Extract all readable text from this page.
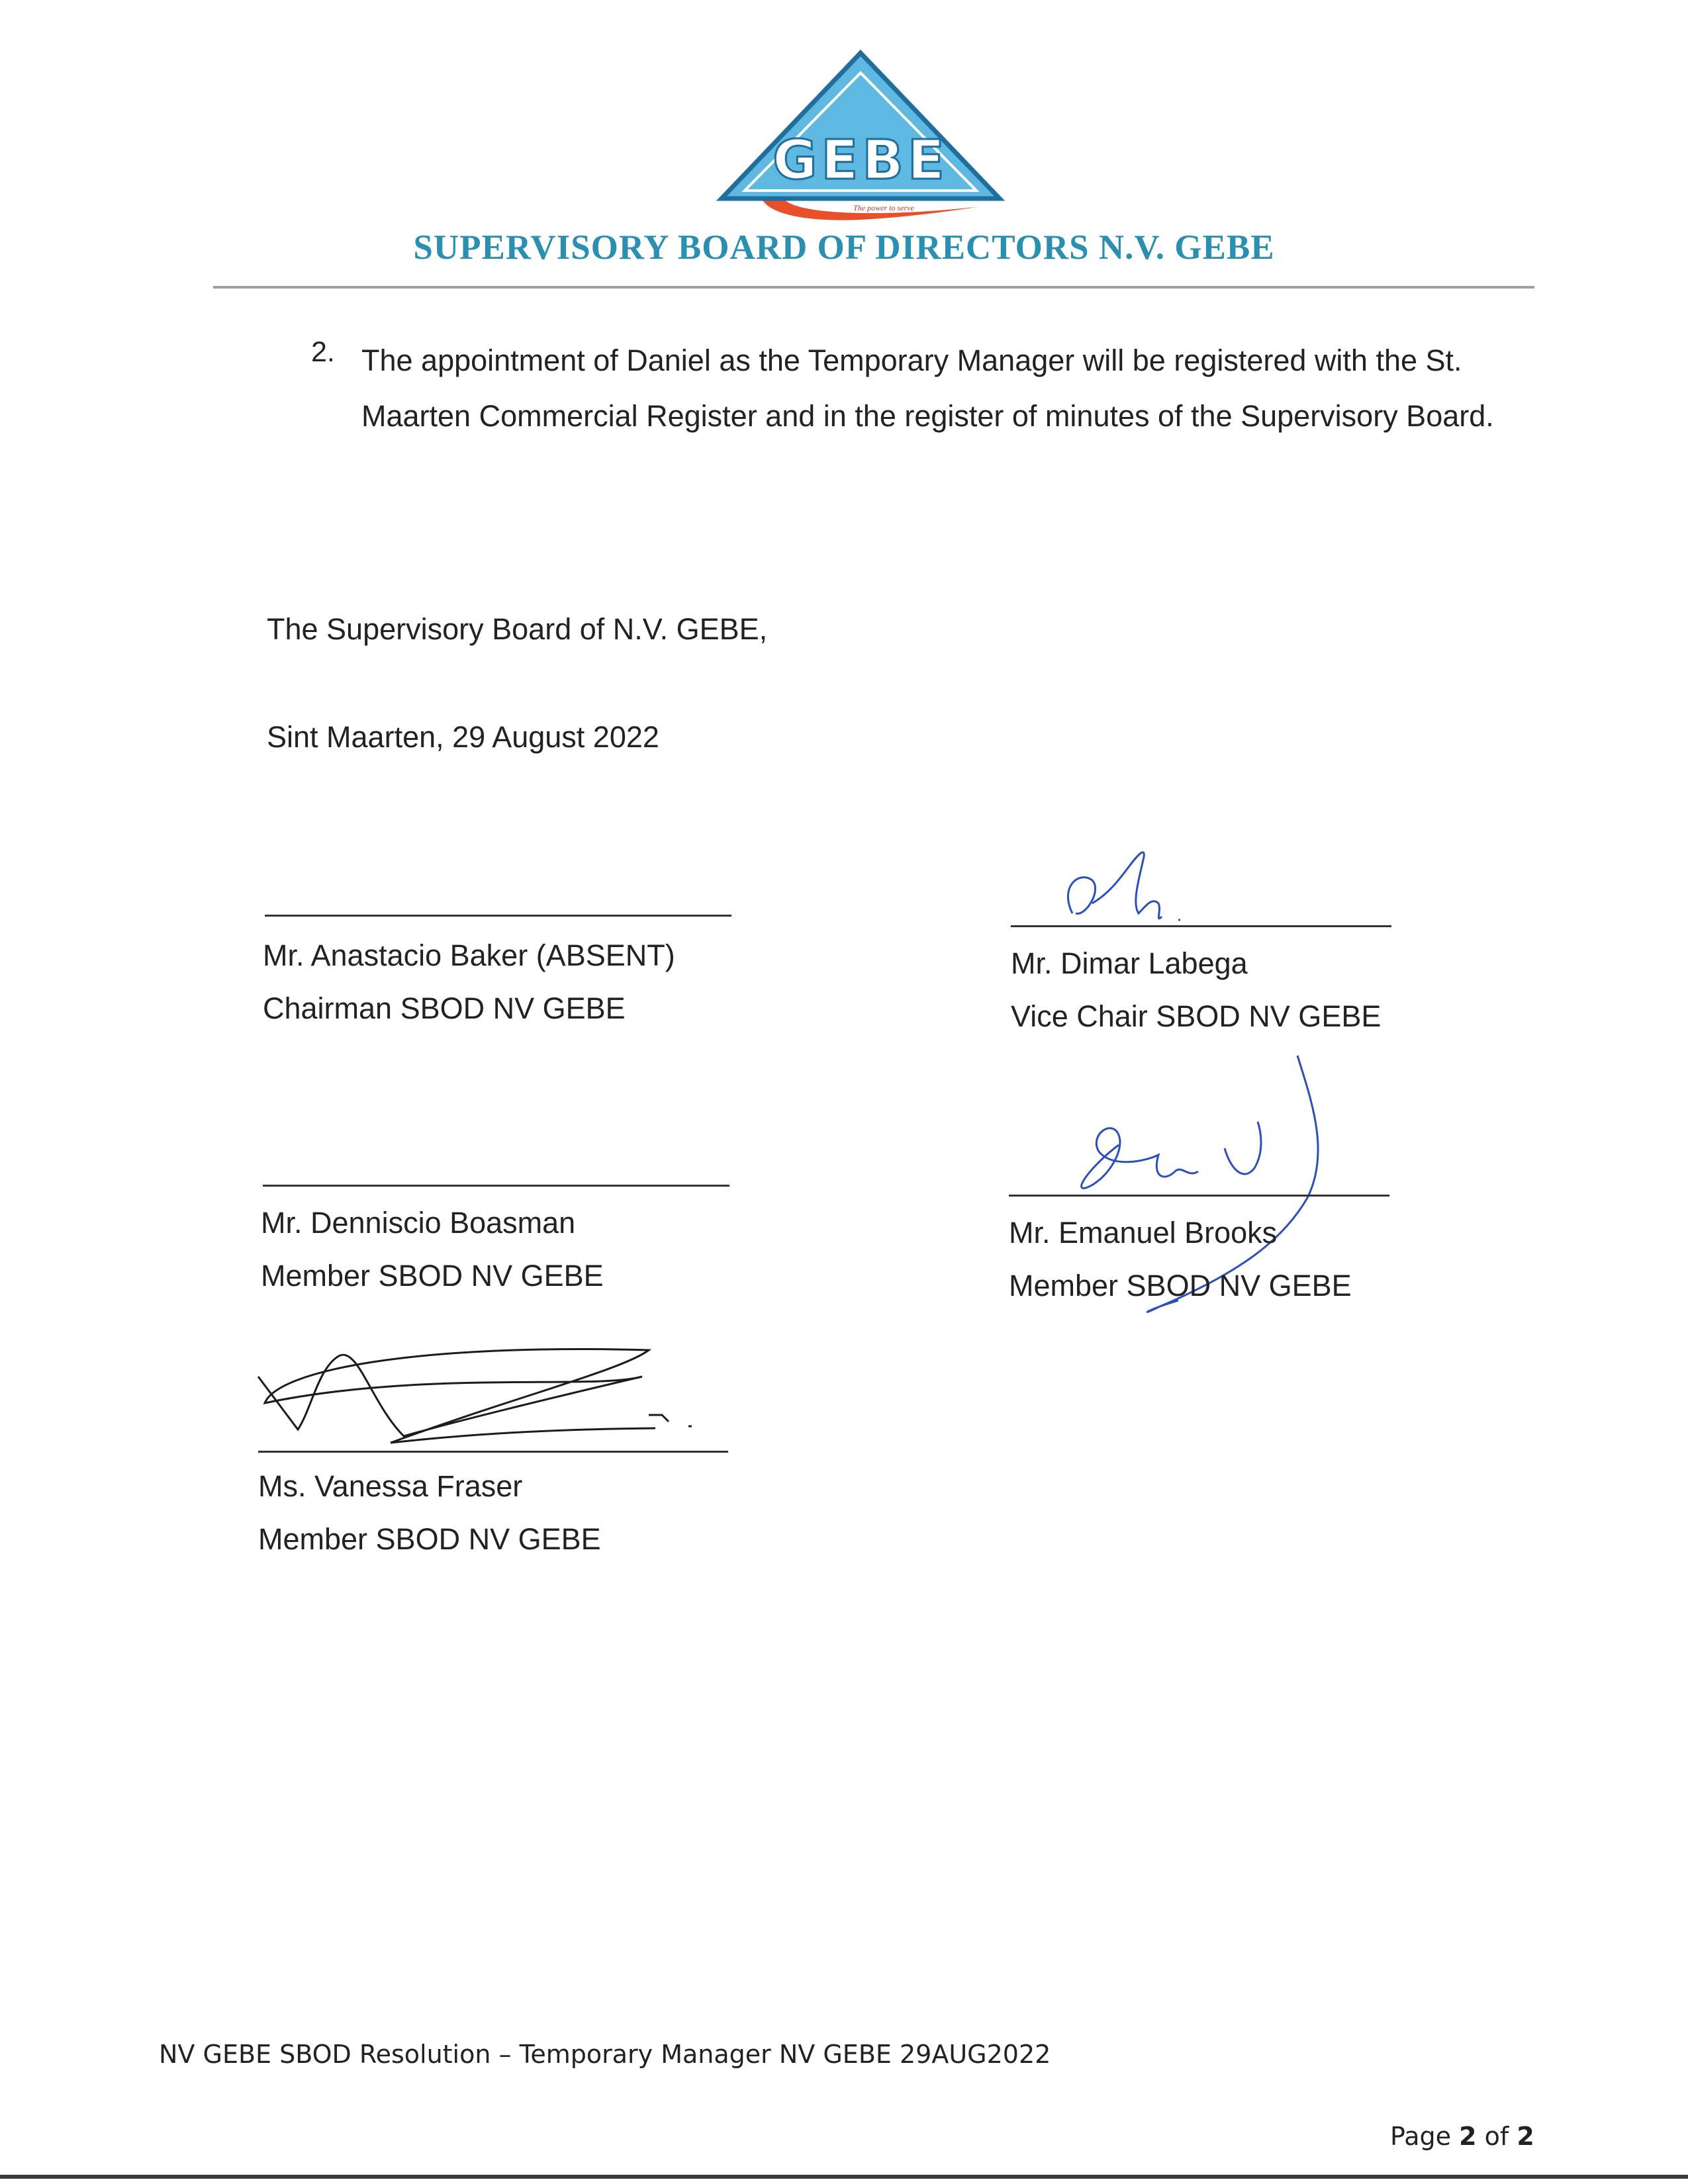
GEBE
The power to serve
SUPERVISORY BOARD OF DIRECTORS N.V. GEBE
2. The appointment of Daniel as the Temporary Manager will be registered with the St. Maarten Commercial Register and in the register of minutes of the Supervisory Board.
The Supervisory Board of N.V. GEBE,
Sint Maarten, 29 August 2022
Mr. Anastacio Baker (ABSENT)
Chairman SBOD NV GEBE
Mr. Dimar Labega
Vice Chair SBOD NV GEBE
Mr. Denniscio Boasman
Member SBOD NV GEBE
Mr. Emanuel Brooks
Member SBOD NV GEBE
Ms. Vanessa Fraser
Member SBOD NV GEBE
NV GEBE SBOD Resolution – Temporary Manager NV GEBE 29AUG2022
Page 2 of 2
